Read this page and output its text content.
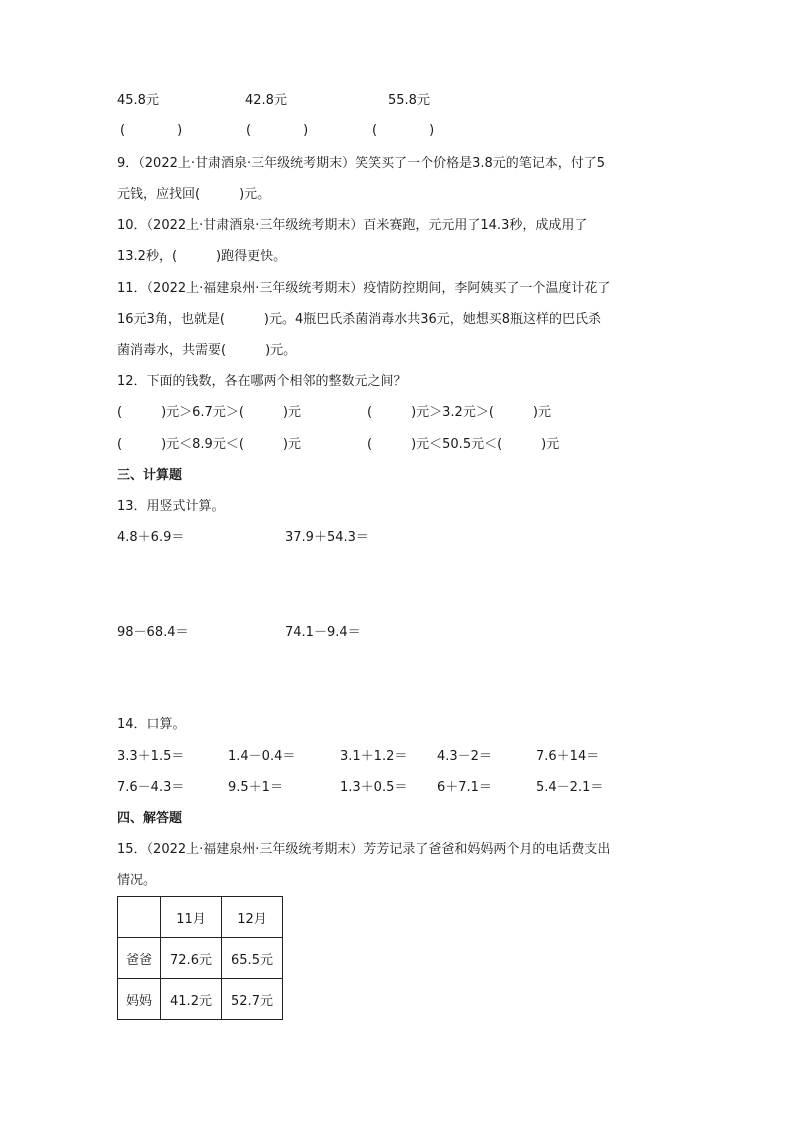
45.8元	42.8元	55.8元
(　　　　)	(　　　　)	(　　　　)
9．（2022上·甘肃酒泉·三年级统考期末）笑笑买了一个价格是3.8元的笔记本，付了5
元钱，应找回(　　　)元。
10．（2022上·甘肃酒泉·三年级统考期末）百米赛跑，元元用了14.3秒，成成用了
13.2秒，(　　　)跑得更快。
11．（2022上·福建泉州·三年级统考期末）疫情防控期间，李阿姨买了一个温度计花了
16元3角，也就是(　　　)元。4瓶巴氏杀菌消毒水共36元，她想买8瓶这样的巴氏杀
菌消毒水，共需要(　　　)元。
12．下面的钱数，各在哪两个相邻的整数元之间？
(　　　)元＞6.7元＞(　　　)元	(　　　)元＞3.2元＞(　　　)元
(　　　)元＜8.9元＜(　　　)元	(　　　)元＜50.5元＜(　　　)元
三、计算题
13．用竖式计算。
4.8＋6.9＝	37.9＋54.3＝
98－68.4＝	74.1－9.4＝
14．口算。
3.3＋1.5＝	1.4－0.4＝	3.1＋1.2＝ 4.3－2＝	7.6＋14＝
7.6－4.3＝	9.5＋1＝	1.3＋0.5＝ 6＋7.1＝	5.4－2.1＝
四、解答题
15．（2022上·福建泉州·三年级统考期末）芳芳记录了爸爸和妈妈两个月的电话费支出
情况。
	11月	12月
爸爸	72.6元	65.5元
妈妈	41.2元	52.7元
